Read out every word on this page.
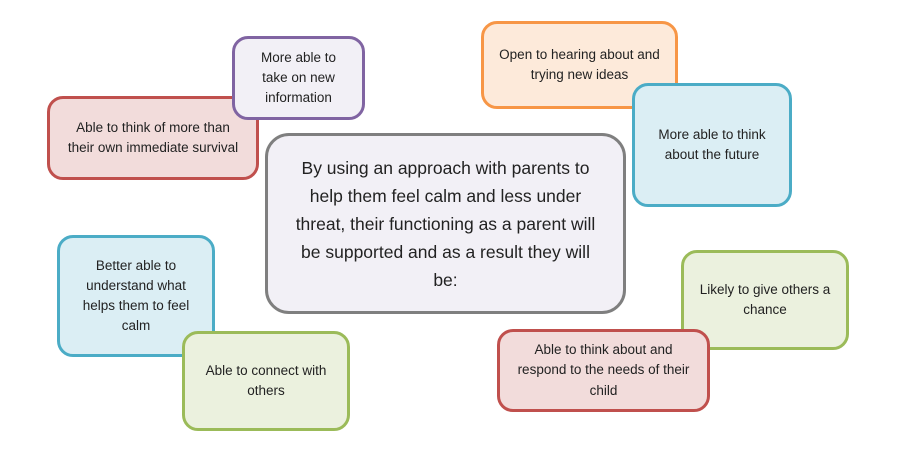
Able to think of more than their own immediate survival
More able to take on new information
Open to hearing about and trying new ideas
More able to think about the future
By using an approach with parents to help them feel calm and less under threat, their functioning as a parent will be supported and as a result they will be:
Better able to understand what helps them to feel calm
Able to connect with others
Likely to give others a chance
Able to think about and respond to the needs of their child
